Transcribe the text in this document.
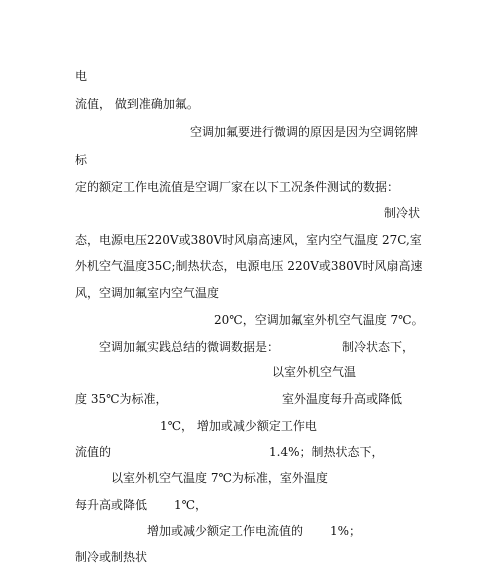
电
流值， 做到准确加氟。
空调加氟要进行微调的原因是因为空调铭牌
标
定的额定工作电流值是空调厂家在以下工况条件测试的数据：
制冷状
态，电源电压220V或380V时风扇高速风，室内空气温度 27C,室
外机空气温度35C;制热状态，电源电压 220V或380V时风扇高速
风，空调加氟室内空气温度
20℃，空调加氟室外机空气温度 7℃。
空调加氟实践总结的微调数据是：	制冷状态下，
以室外机空气温
度 35℃为标准，	室外温度每升高或降低
1℃， 增加或减少额定工作电
流值的	1.4%；制热状态下，
以室外机空气温度 7℃为标准，室外温度
每升高或降低 1℃，
增加或减少额定工作电流值的 1%；
制冷或制热状
